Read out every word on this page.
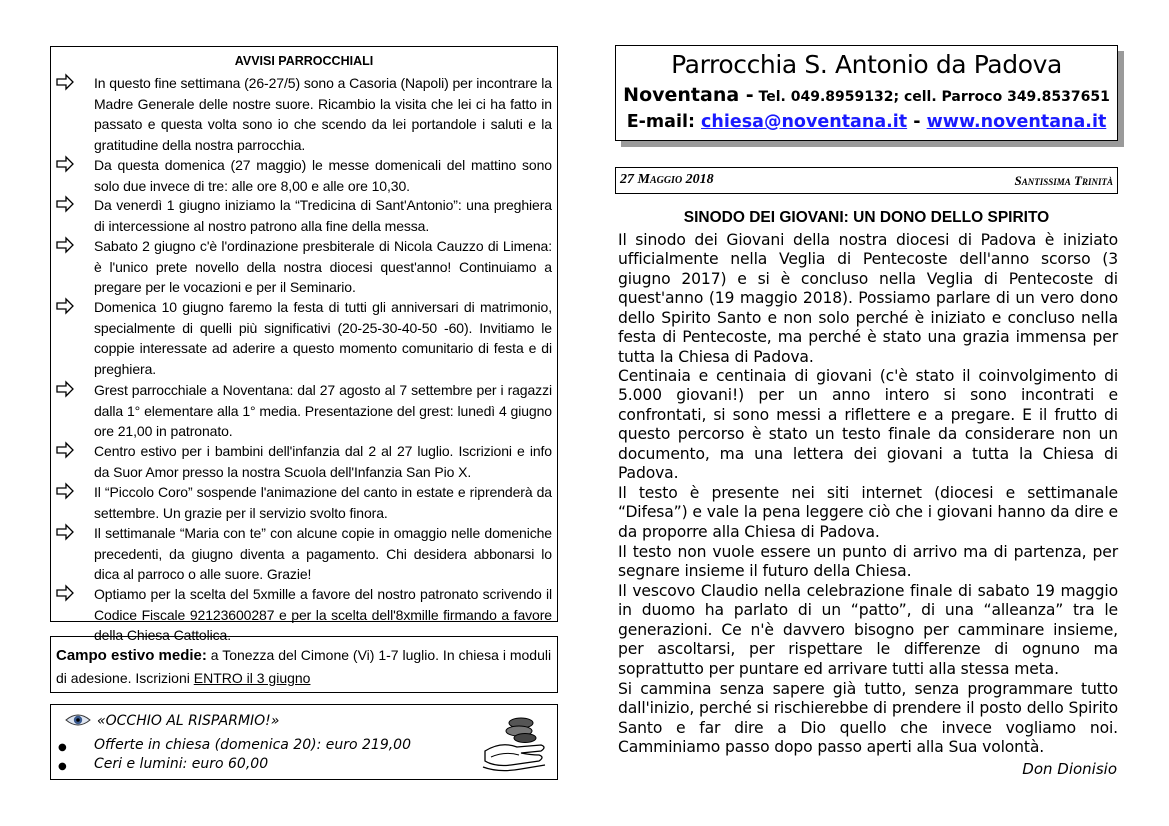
AVVISI PARROCCHIALI
In questo fine settimana (26-27/5) sono a Casoria (Napoli) per incontrare la Madre Generale delle nostre suore. Ricambio la visita che lei ci ha fatto in passato e questa volta sono io che scendo da lei portandole i saluti e la gratitudine della nostra parrocchia.
Da questa domenica (27 maggio) le messe domenicali del mattino sono solo due invece di tre: alle ore 8,00 e alle ore 10,30.
Da venerdì 1 giugno iniziamo la “Tredicina di Sant'Antonio”: una preghiera di intercessione al nostro patrono alla fine della messa.
Sabato 2 giugno c'è l'ordinazione presbiterale di Nicola Cauzzo di Limena: è l'unico prete novello della nostra diocesi quest'anno! Continuiamo a pregare per le vocazioni e per il Seminario.
Domenica 10 giugno faremo la festa di tutti gli anniversari di matrimonio, specialmente di quelli più significativi (20-25-30-40-50 -60). Invitiamo le coppie interessate ad aderire a questo momento comunitario di festa e di preghiera.
Grest parrocchiale a Noventana: dal 27 agosto al 7 settembre per i ragazzi dalla 1° elementare alla 1° media. Presentazione del grest: lunedì 4 giugno ore 21,00 in patronato.
Centro estivo per i bambini dell'infanzia dal 2 al 27 luglio. Iscrizioni e info da Suor Amor presso la nostra Scuola dell'Infanzia San Pio X.
Il “Piccolo Coro” sospende l'animazione del canto in estate e riprenderà da settembre. Un grazie per il servizio svolto finora.
Il settimanale “Maria con te” con alcune copie in omaggio nelle domeniche precedenti, da giugno diventa a pagamento. Chi desidera abbonarsi lo dica al parroco o alle suore. Grazie!
Optiamo per la scelta del 5xmille a favore del nostro patronato scrivendo il Codice Fiscale 92123600287 e per la scelta dell'8xmille firmando a favore della Chiesa Cattolica.
Campo estivo medie: a Tonezza del Cimone (Vi) 1-7 luglio. In chiesa i moduli di adesione. Iscrizioni ENTRO il 3 giugno
«OCCHIO AL RISPARMIO!»
● Offerte in chiesa (domenica 20): euro 219,00
● Ceri e lumini: euro 60,00
Parrocchia S. Antonio da Padova
Noventana - Tel. 049.8959132; cell. Parroco 349.8537651
E-mail: chiesa@noventana.it - www.noventana.it
27 Maggio 2018	Santissima Trinità
SINODO DEI GIOVANI: UN DONO DELLO SPIRITO
Il sinodo dei Giovani della nostra diocesi di Padova è iniziato ufficialmente nella Veglia di Pentecoste dell'anno scorso (3 giugno 2017) e si è concluso nella Veglia di Pentecoste di quest'anno (19 maggio 2018). Possiamo parlare di un vero dono dello Spirito Santo e non solo perché è iniziato e concluso nella festa di Pentecoste, ma perché è stato una grazia immensa per tutta la Chiesa di Padova.
Centinaia e centinaia di giovani (c'è stato il coinvolgimento di 5.000 giovani!) per un anno intero si sono incontrati e confrontati, si sono messi a riflettere e a pregare. E il frutto di questo percorso è stato un testo finale da considerare non un documento, ma una lettera dei giovani a tutta la Chiesa di Padova.
Il testo è presente nei siti internet (diocesi e settimanale “Difesa”) e vale la pena leggere ciò che i giovani hanno da dire e da proporre alla Chiesa di Padova.
Il testo non vuole essere un punto di arrivo ma di partenza, per segnare insieme il futuro della Chiesa.
Il vescovo Claudio nella celebrazione finale di sabato 19 maggio in duomo ha parlato di un “patto”, di una “alleanza” tra le generazioni. Ce n'è davvero bisogno per camminare insieme, per ascoltarsi, per rispettare le differenze di ognuno ma soprattutto per puntare ed arrivare tutti alla stessa meta.
Si cammina senza sapere già tutto, senza programmare tutto dall'inizio, perché si rischierebbe di prendere il posto dello Spirito Santo e far dire a Dio quello che invece vogliamo noi. Camminiamo passo dopo passo aperti alla Sua volontà.
Don Dionisio
